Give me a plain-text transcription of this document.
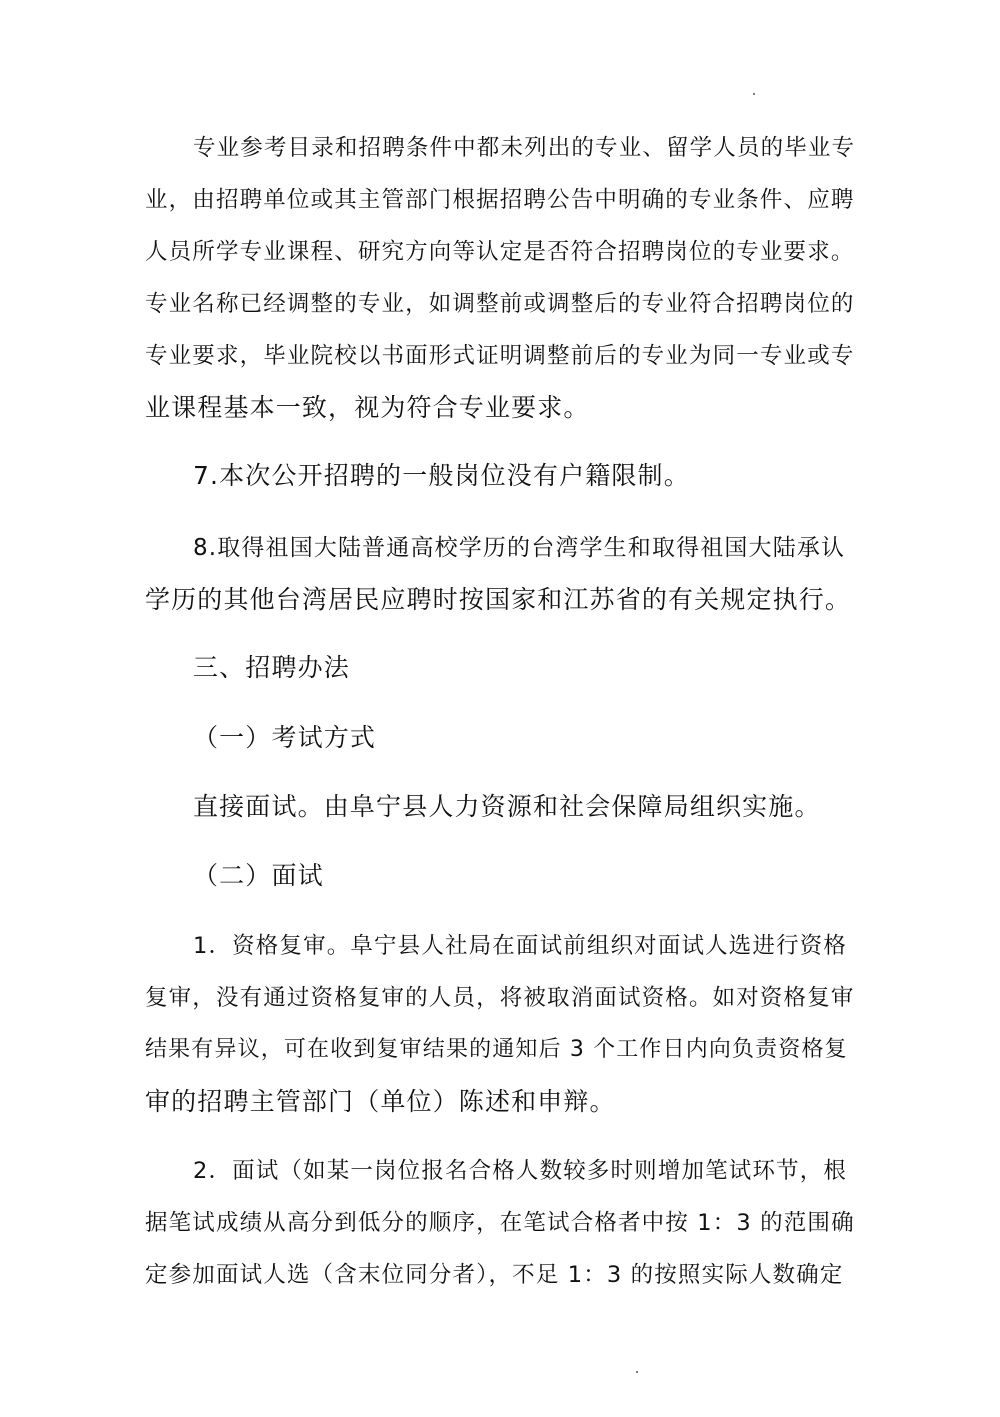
专业参考目录和招聘条件中都未列出的专业、留学人员的毕业专
业，由招聘单位或其主管部门根据招聘公告中明确的专业条件、应聘
人员所学专业课程、研究方向等认定是否符合招聘岗位的专业要求。
专业名称已经调整的专业，如调整前或调整后的专业符合招聘岗位的
专业要求，毕业院校以书面形式证明调整前后的专业为同一专业或专
业课程基本一致，视为符合专业要求。
7.本次公开招聘的一般岗位没有户籍限制。
8.取得祖国大陆普通高校学历的台湾学生和取得祖国大陆承认
学历的其他台湾居民应聘时按国家和江苏省的有关规定执行。
三、招聘办法
（一）考试方式
直接面试。由阜宁县人力资源和社会保障局组织实施。
（二）面试
1．资格复审。阜宁县人社局在面试前组织对面试人选进行资格
复审，没有通过资格复审的人员，将被取消面试资格。如对资格复审
结果有异议，可在收到复审结果的通知后 3 个工作日内向负责资格复
审的招聘主管部门（单位）陈述和申辩。
2．面试（如某一岗位报名合格人数较多时则增加笔试环节，根
据笔试成绩从高分到低分的顺序，在笔试合格者中按 1：3 的范围确
定参加面试人选（含末位同分者），不足 1：3 的按照实际人数确定
